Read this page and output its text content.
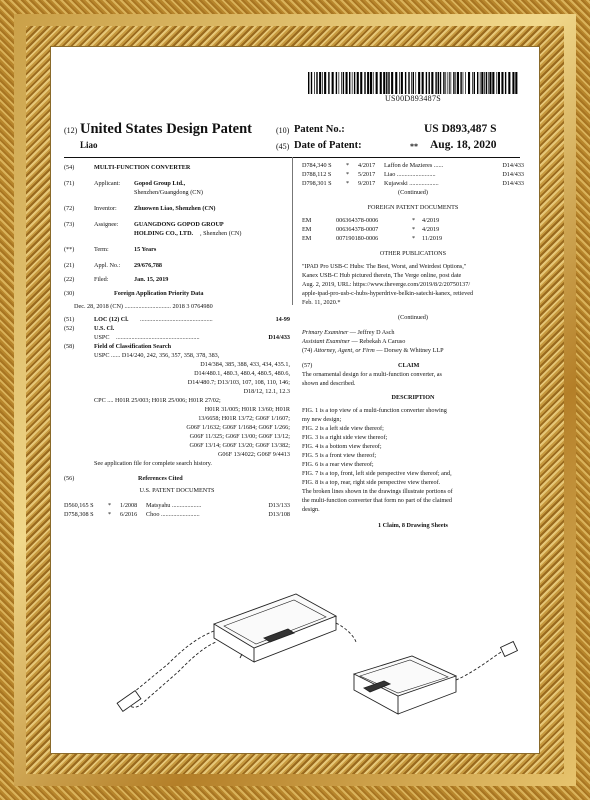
US00D893487S
(12) United States Design Patent
Liao
(10) Patent No.:	US D893,487 S
(45) Date of Patent:	** Aug. 18, 2020
(54)	MULTI-FUNCTION CONVERTER
(71)	Applicant: Gopod Group Ltd.,
Shenzhen/Guangdong (CN)
(72)	Inventor:	Zhuowen Liao, Shenzhen (CN)
(73)	Assignee:	GUANGDONG GOPOD GROUP
HOLDING CO., LTD. , Shenzhen (CN)
(**)	Term:	15 Years
(21)	Appl. No.: 29/676,788
(22)	Filed:	Jan. 15, 2019
(30)	Foreign Application Priority Data
Dec. 28, 2018 (CN) .............................. 2018 3 0764980
(51)	LOC (12) Cl. ...............................................	14-99
(52)	U.S. Cl.
USPC ......................................................	D14/433
(58)	Field of Classification Search
USPC ...... D14/240, 242, 356, 357, 358, 378, 383,
D14/384, 385, 388, 433, 434, 435.1,
D14/480.1, 480.3, 480.4, 480.5, 480.6,
D14/480.7; D13/103, 107, 108, 110, 146;
D18/12, 12.1, 12.3
CPC .... H01R 25/003; H01R 25/006; H01R 27/02;
H01R 31/005; H01R 13/60; H01R
13/6658; H01R 13/72; G06F 1/1607;
G06F 1/1632; G06F 1/1684; G06F 1/266;
G06F 11/325; G06F 13/00; G06F 13/12;
G06F 13/14; G06F 13/20; G06F 13/382;
G06F 13/4022; G06F 9/4413
See application file for complete search history.
(56)	References Cited
U.S. PATENT DOCUMENTS
D560,165 S * 1/2008 Matsyahu ...................	D13/133
D758,308 S * 6/2016 Choo .........................	D13/108
D784,340 S * 4/2017 Laffon de Mazieres ......	D14/433
D788,112 S * 5/2017 Liao .........................	D14/433
D798,301 S * 9/2017 Kujawski ...................	D14/433
(Continued)
FOREIGN PATENT DOCUMENTS
EM	006364378-0006	* 4/2019
EM	006364378-0007	* 4/2019
EM	007190180-0006	* 11/2019
OTHER PUBLICATIONS
"IPAD Pro USB-C Hubs: The Best, Worst, and Weirdest Options,"
Kanex USB-C Hub pictured therein, The Verge online, post date
Aug. 2, 2019, URL: https://www.theverge.com/2019/8/2/20750137/
apple-ipad-pro-usb-c-hubs-hyperdrive-belkin-satechi-kanex, retieved
Feb. 11, 2020.*
(Continued)
Primary Examiner — Jeffrey D Asch
Assistant Examiner — Rebekah A Caruso
(74) Attorney, Agent, or Firm — Dorsey & Whitney LLP
(57)	CLAIM
The ornamental design for a multi-function converter, as
shown and described.
DESCRIPTION
FIG. 1 is a top view of a multi-function converter showing
my new design;
FIG. 2 is a left side view thereof;
FIG. 3 is a right side view thereof;
FIG. 4 is a bottom view thereof;
FIG. 5 is a front view thereof;
FIG. 6 is a rear view thereof;
FIG. 7 is a top, front, left side perspective view thereof; and,
FIG. 8 is a top, rear, right side perspective view thereof.
The broken lines shown in the drawings illustrate portions of
the multi-function converter that form no part of the claimed
design.
1 Claim, 8 Drawing Sheets
